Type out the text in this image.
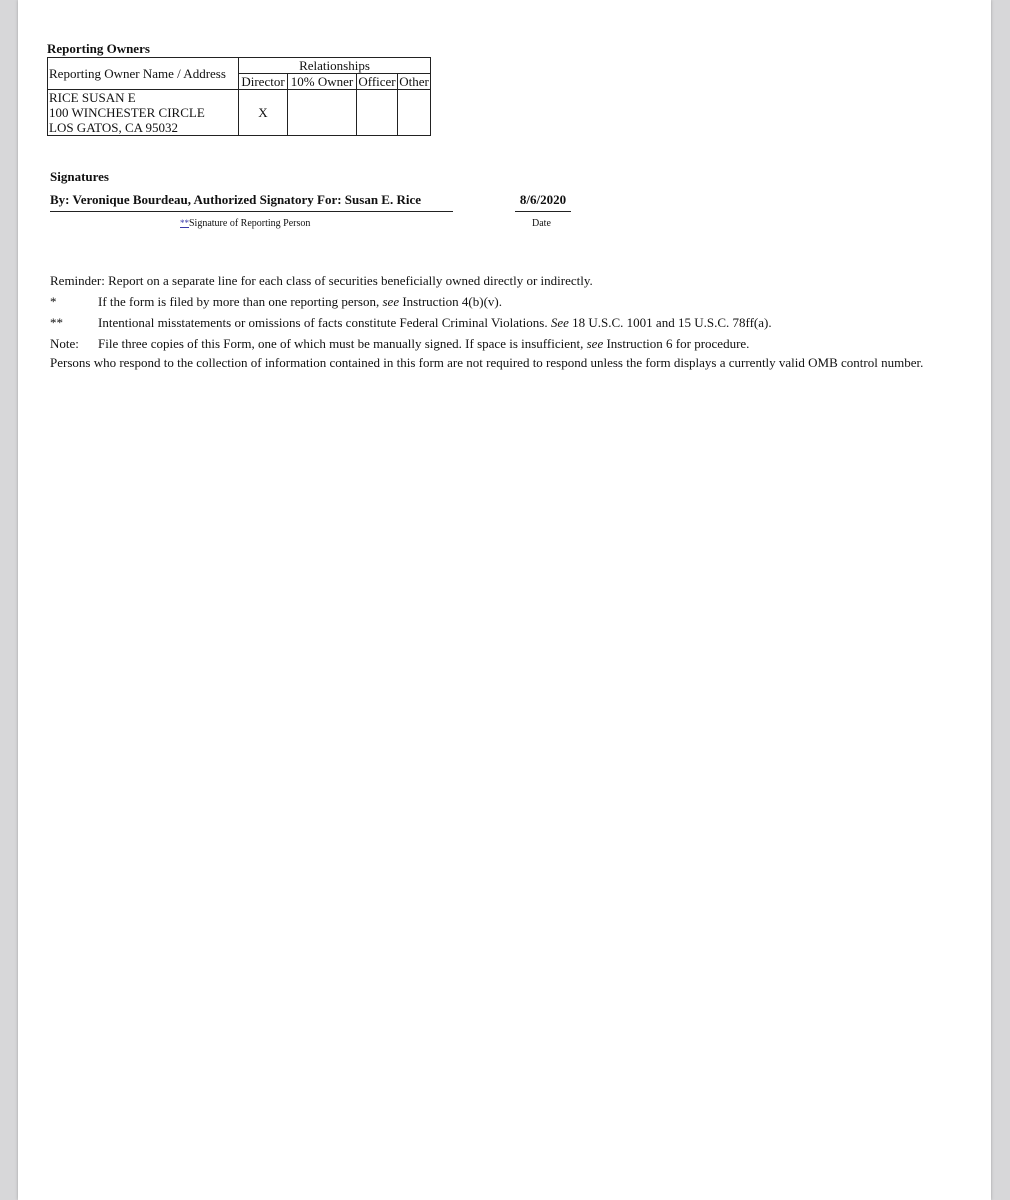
Reporting Owners
Reporting Owner Name / Address	Relationships			
	Director	10% Owner	Officer	Other

RICE SUSAN E
100 WINCHESTER CIRCLE
LOS GATOS, CA 95032	X			
Signatures
By: Veronique Bourdeau, Authorized Signatory For: Susan E. Rice	8/6/2020
**Signature of Reporting Person	Date
Reminder: Report on a separate line for each class of securities beneficially owned directly or indirectly.
*	If the form is filed by more than one reporting person, see Instruction 4(b)(v).
**	Intentional misstatements or omissions of facts constitute Federal Criminal Violations. See 18 U.S.C. 1001 and 15 U.S.C. 78ff(a).
Note: File three copies of this Form, one of which must be manually signed. If space is insufficient, see Instruction 6 for procedure.
Persons who respond to the collection of information contained in this form are not required to respond unless the form displays a currently valid OMB control number.
